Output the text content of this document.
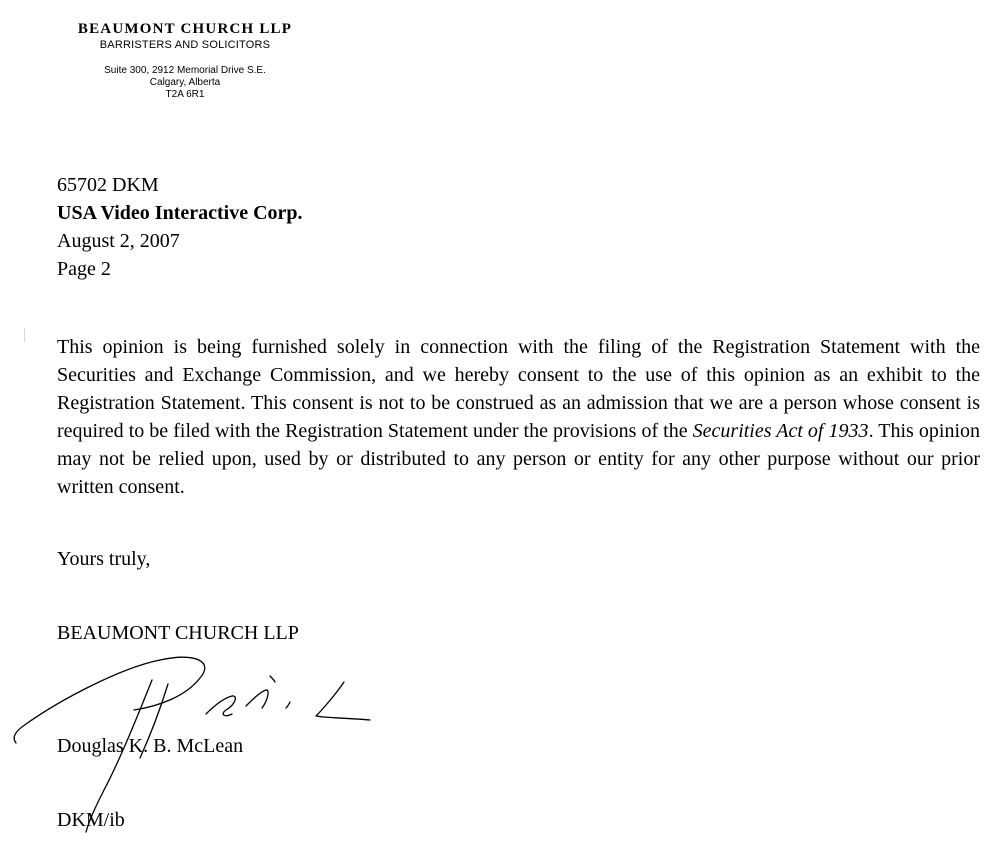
BEAUMONT CHURCH LLP
BARRISTERS AND SOLICITORS
Suite 300, 2912 Memorial Drive S.E.
Calgary, Alberta
T2A 6R1
65702 DKM
USA Video Interactive Corp.
August 2, 2007
Page 2
This opinion is being furnished solely in connection with the filing of the Registration Statement with the Securities and Exchange Commission, and we hereby consent to the use of this opinion as an exhibit to the Registration Statement. This consent is not to be construed as an admission that we are a person whose consent is required to be filed with the Registration Statement under the provisions of the Securities Act of 1933. This opinion may not be relied upon, used by or distributed to any person or entity for any other purpose without our prior written consent.
Yours truly,
BEAUMONT CHURCH LLP
Douglas K. B. McLean
DKM/ib
